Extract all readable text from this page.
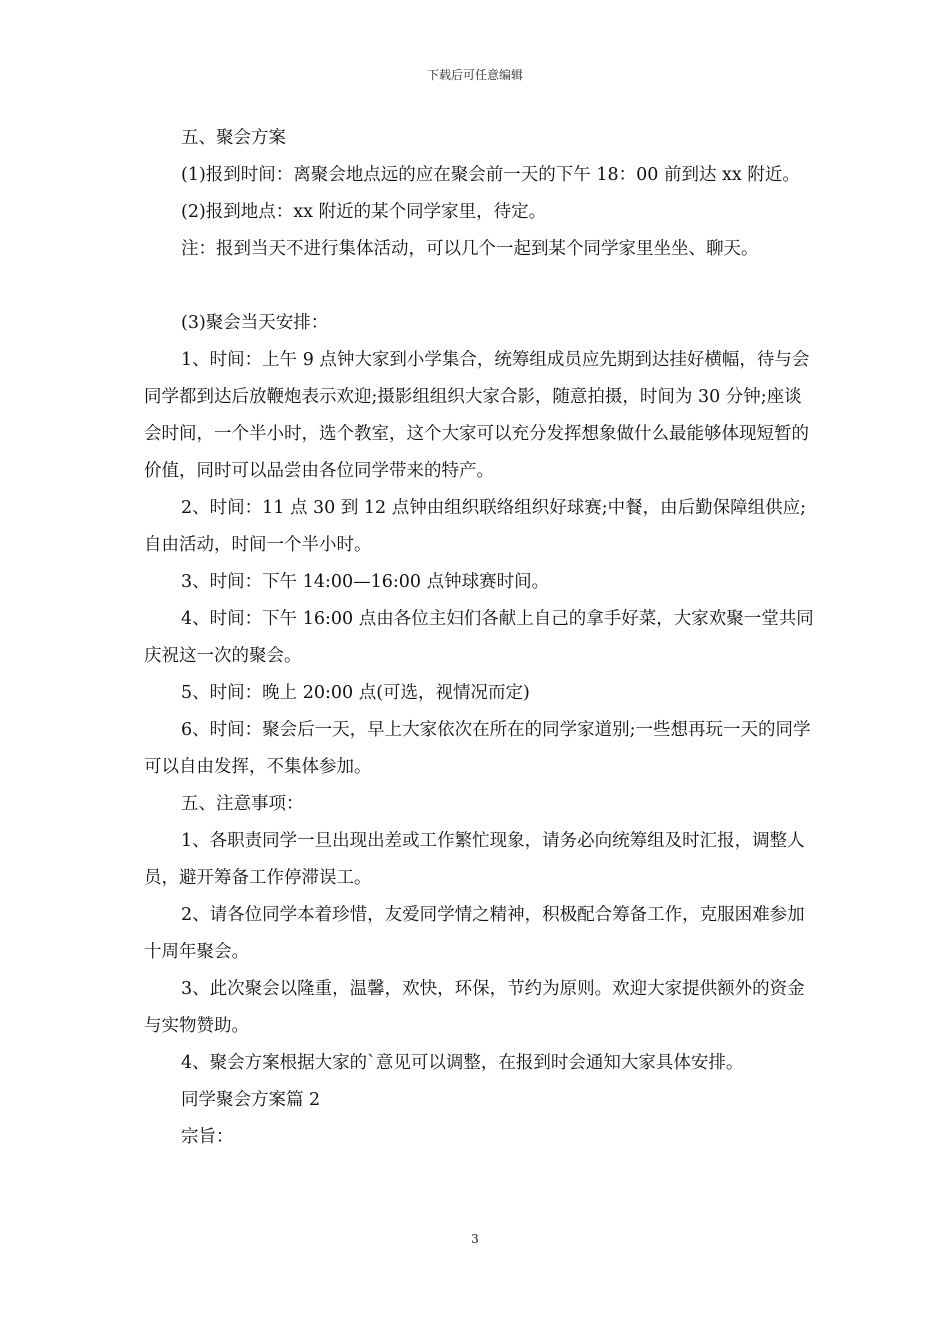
下载后可任意编辑

五、聚会方案

(1)报到时间：离聚会地点远的应在聚会前一天的下午 18：00 前到达 xx 附近。

(2)报到地点：xx 附近的某个同学家里，待定。

注：报到当天不进行集体活动，可以几个一起到某个同学家里坐坐、聊天。

(3)聚会当天安排：

1、时间：上午 9 点钟大家到小学集合，统筹组成员应先期到达挂好横幅，待与会同学都到达后放鞭炮表示欢迎;摄影组组织大家合影，随意拍摄，时间为 30 分钟;座谈会时间，一个半小时，选个教室，这个大家可以充分发挥想象做什么最能够体现短暂的价值，同时可以品尝由各位同学带来的特产。

2、时间：11 点 30 到 12 点钟由组织联络组织好球赛;中餐，由后勤保障组供应;自由活动，时间一个半小时。

3、时间：下午 14:00—16:00 点钟球赛时间。

4、时间：下午 16:00 点由各位主妇们各献上自己的拿手好菜，大家欢聚一堂共同庆祝这一次的聚会。

5、时间：晚上 20:00 点(可选，视情况而定)

6、时间：聚会后一天，早上大家依次在所在的同学家道别;一些想再玩一天的同学可以自由发挥，不集体参加。

五、注意事项：

1、各职责同学一旦出现出差或工作繁忙现象，请务必向统筹组及时汇报，调整人员，避开筹备工作停滞误工。

2、请各位同学本着珍惜，友爱同学情之精神，积极配合筹备工作，克服困难参加十周年聚会。

3、此次聚会以隆重，温馨，欢快，环保，节约为原则。欢迎大家提供额外的资金与实物赞助。

4、聚会方案根据大家的`意见可以调整，在报到时会通知大家具体安排。

同学聚会方案篇 2

宗旨：

3
